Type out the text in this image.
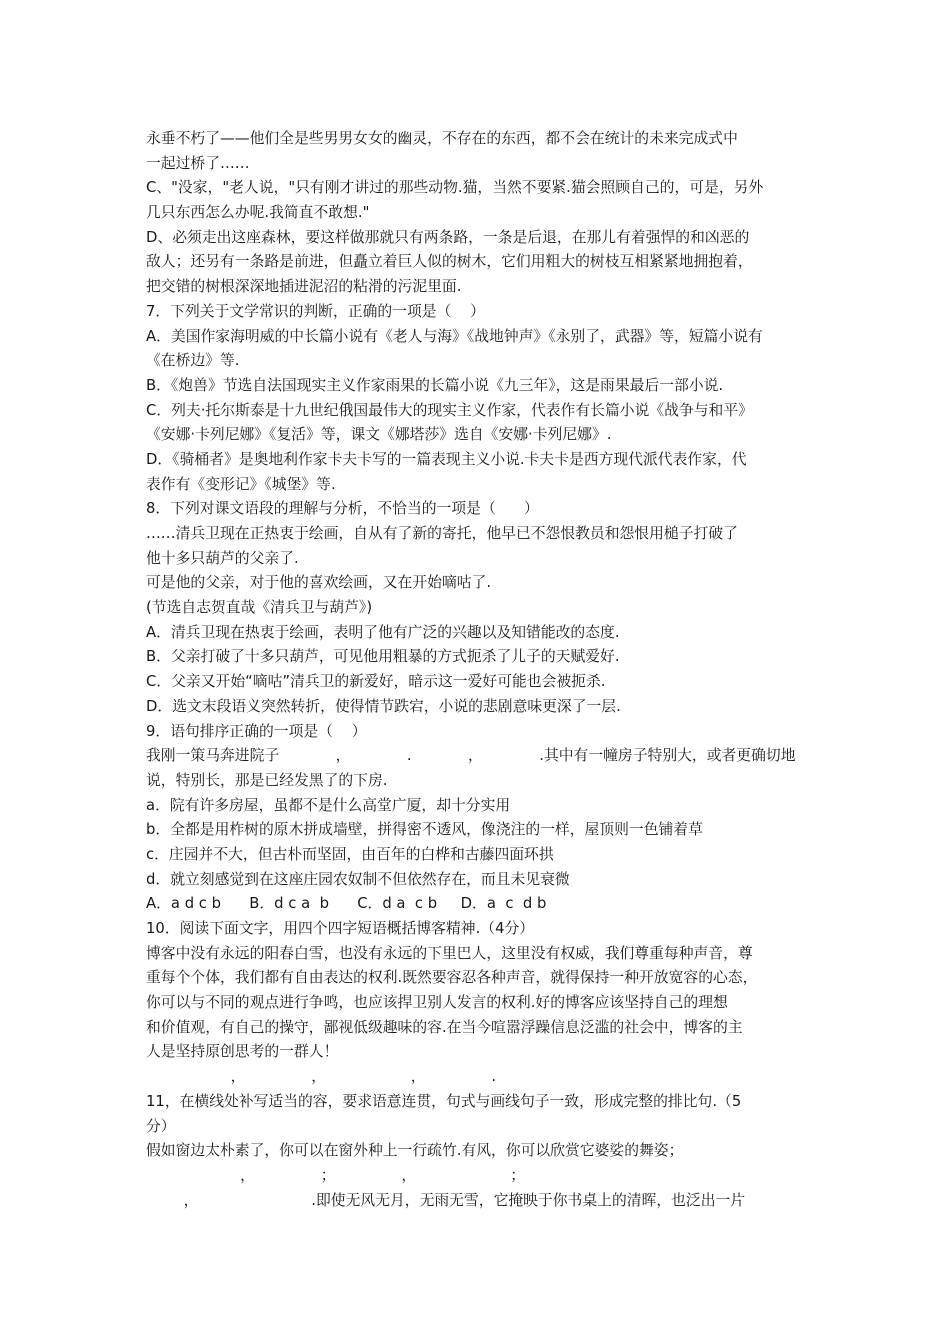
永垂不朽了——他们全是些男男女女的幽灵，不存在的东西，都不会在统计的未来完成式中
一起过桥了……
C、"没家，"老人说，"只有刚才讲过的那些动物.猫，当然不要紧.猫会照顾自己的，可是，另外
几只东西怎么办呢.我简直不敢想."
D、必须走出这座森林，要这样做那就只有两条路，一条是后退，在那儿有着强悍的和凶恶的
敌人；还另有一条路是前进，但矗立着巨人似的树木，它们用粗大的树枝互相紧紧地拥抱着，
把交错的树根深深地插进泥沼的粘滑的污泥里面.
7．下列关于文学常识的判断，正确的一项是（    ）
A．美国作家海明威的中长篇小说有《老人与海》《战地钟声》《永别了，武器》等，短篇小说有
《在桥边》等.
B．《炮兽》节选自法国现实主义作家雨果的长篇小说《九三年》，这是雨果最后一部小说.
C．列夫·托尔斯泰是十九世纪俄国最伟大的现实主义作家，代表作有长篇小说《战争与和平》
《安娜·卡列尼娜》《复活》等，课文《娜塔莎》选自《安娜·卡列尼娜》.
D．《骑桶者》是奥地利作家卡夫卡写的一篇表现主义小说.卡夫卡是西方现代派代表作家，代
表作有《变形记》《城堡》等.
8．下列对课文语段的理解与分析，不恰当的一项是（      ）
……清兵卫现在正热衷于绘画，自从有了新的寄托，他早已不怨恨教员和怨恨用槌子打破了
他十多只葫芦的父亲了.
可是他的父亲，对于他的喜欢绘画，又在开始嘀咕了.
(节选自志贺直哉《清兵卫与葫芦》)
A．清兵卫现在热衷于绘画，表明了他有广泛的兴趣以及知错能改的态度.
B．父亲打破了十多只葫芦，可见他用粗暴的方式扼杀了儿子的天赋爱好.
C．父亲又开始“嘀咕”清兵卫的新爱好，暗示这一爱好可能也会被扼杀.
D．选文末段语义突然转折，使得情节跌宕，小说的悲剧意味更深了一层.
9．语句排序正确的一项是（    ）
我刚一策马奔进院子            ，            .            ，            .其中有一幢房子特别大，或者更确切地
说，特别长，那是已经发黑了的下房.
a．院有许多房屋，虽都不是什么高堂广厦，却十分实用
b．全都是用柞树的原木拼成墙壁，拼得密不透风，像浇注的一样，屋顶则一色铺着草
c．庄园并不大，但古朴而坚固，由百年的白桦和古藤四面环拱
d．就立刻感觉到在这座庄园农奴制不但依然存在，而且未见衰微
A．a d c b      B．d c a  b      C．d a  c b     D．a  c  d b
10．阅读下面文字，用四个四字短语概括博客精神.（4分）
博客中没有永远的阳春白雪，也没有永远的下里巴人，这里没有权威，我们尊重每种声音，尊
重每个个体，我们都有自由表达的权利.既然要容忍各种声音，就得保持一种开放宽容的心态，
你可以与不同的观点进行争鸣，也应该捍卫别人发言的权利.好的博客应该坚持自己的理想
和价值观，有自己的操守，鄙视低级趣味的容.在当今喧嚣浮躁信息泛滥的社会中，博客的主
人是坚持原创思考的一群人！
，              ，                  ，              .
11，在横线处补写适当的容，要求语意连贯，句式与画线句子一致，形成完整的排比句.（5
分）
假如窗边太朴素了，你可以在窗外种上一行疏竹.有风，你可以欣赏它婆娑的舞姿；
，              ；              ，                    ；
，                        .即使无风无月，无雨无雪，它掩映于你书桌上的清晖，也泛出一片
